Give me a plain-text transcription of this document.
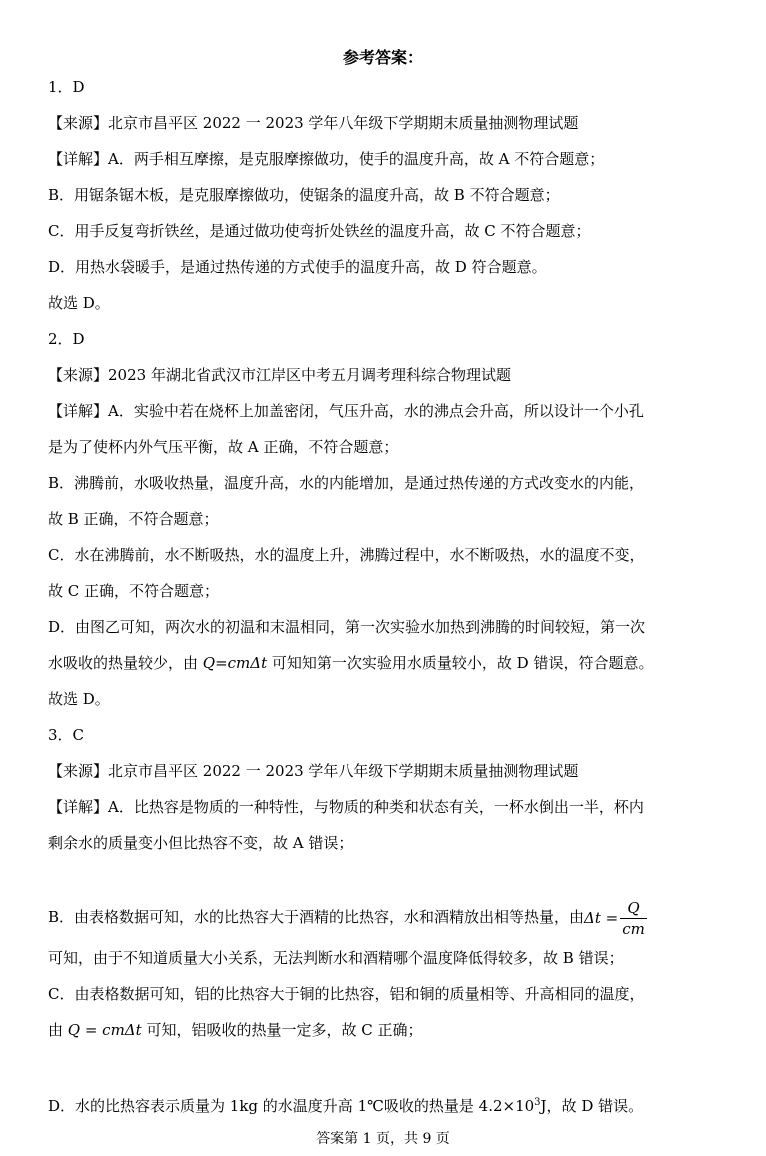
参考答案：
1．D
【来源】北京市昌平区 2022 一 2023 学年八年级下学期期末质量抽测物理试题
【详解】A．两手相互摩擦，是克服摩擦做功，使手的温度升高，故 A 不符合题意；
B．用锯条锯木板，是克服摩擦做功，使锯条的温度升高，故 B 不符合题意；
C．用手反复弯折铁丝，是通过做功使弯折处铁丝的温度升高，故 C 不符合题意；
D．用热水袋暖手，是通过热传递的方式使手的温度升高，故 D 符合题意。
故选 D。
2．D
【来源】2023 年湖北省武汉市江岸区中考五月调考理科综合物理试题
【详解】A．实验中若在烧杯上加盖密闭，气压升高，水的沸点会升高，所以设计一个小孔
是为了使杯内外气压平衡，故 A 正确，不符合题意；
B．沸腾前，水吸收热量，温度升高，水的内能增加，是通过热传递的方式改变水的内能，
故 B 正确，不符合题意；
C．水在沸腾前，水不断吸热，水的温度上升，沸腾过程中，水不断吸热，水的温度不变，
故 C 正确，不符合题意；
D．由图乙可知，两次水的初温和末温相同，第一次实验水加热到沸腾的时间较短，第一次
水吸收的热量较少，由 Q=cmΔt 可知知第一次实验用水质量较小，故 D 错误，符合题意。
故选 D。
3．C
【来源】北京市昌平区 2022 一 2023 学年八年级下学期期末质量抽测物理试题
【详解】A．比热容是物质的一种特性，与物质的种类和状态有关，一杯水倒出一半，杯内
剩余水的质量变小但比热容不变，故 A 错误；
B．由表格数据可知，水的比热容大于酒精的比热容，水和酒精放出相等热量，由$\Delta t = \frac{Q}{cm}$
可知，由于不知道质量大小关系，无法判断水和酒精哪个温度降低得较多，故 B 错误；
C．由表格数据可知，铝的比热容大于铜的比热容，铝和铜的质量相等、升高相同的温度，
由 Q = cmΔt 可知，铝吸收的热量一定多，故 C 正确；
D．水的比热容表示质量为 1kg 的水温度升高 1℃吸收的热量是 $4.2\times 10^3J$，故 D 错误。
答案第 1 页，共 9 页
